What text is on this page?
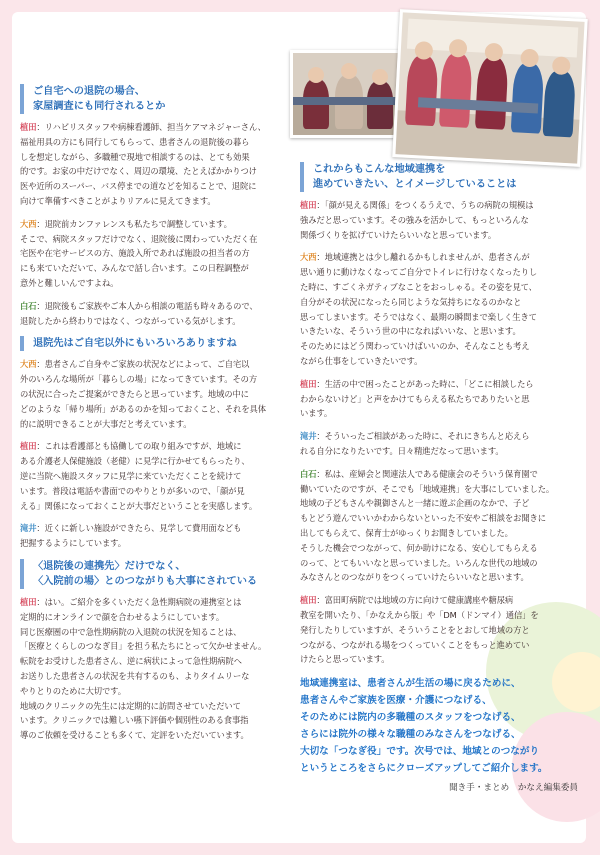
ご自宅への退院の場合、
家屋調査にも同行されるとか
植田：リハビリスタッフや病棟看護師、担当ケアマネジャーさん、
福祉用具の方にも同行してもらって、患者さんの退院後の暮ら
しを想定しながら、多職種で現地で相談するのは、とても効果
的です。お家の中だけでなく、周辺の環境、たとえばかかりつけ
医や近所のスーパー、バス停までの道などを知ることで、退院に
向けて準備すべきことがよりリアルに見えてきます。
大西：退院前カンファレンスも私たちで調整しています。
そこで、病院スタッフだけでなく、退院後に関わっていただく在
宅医や在宅サービスの方、施設入所であれば施設の担当者の方
にも来ていただいて、みんなで話し合います。この日程調整が
意外と難しいんですよね。
白石：退院後もご家族やご本人から相談の電話も時々あるので、
退院したから終わりではなく、つながっている気がします。
退院先はご自宅以外にもいろいろありますね
大西：患者さんご自身やご家族の状況などによって、ご自宅以
外のいろんな場所が「暮らしの場」になってきています。その方
の状況に合ったご提案ができたらと思っています。地域の中に
どのような「帰り場所」があるのかを知っておくこと、それを具体
的に説明できることが大事だと考えています。
植田：これは看護部とも協働しての取り組みですが、地域に
ある介護老人保健施設（老健）に見学に行かせてもらったり、
逆に当院へ施設スタッフに見学に来ていただくことを続けて
います。普段は電話や書面でのやりとりが多いので、「顔が見
える」関係になっておくことが大事だということを実感します。
滝井：近くに新しい施設ができたら、見学して費用面なども
把握するようにしています。
〈退院後の連携先〉だけでなく、
〈入院前の場〉とのつながりも大事にされている
植田：はい。ご紹介を多くいただく急性期病院の連携室とは
定期的にオンラインで顔を合わせるようにしています。
同じ医療圏の中で急性期病院の入退院の状況を知ることは、
「医療とくらしのつなぎ目」を担う私たちにとって欠かせません。
転院をお受けした患者さん、逆に病状によって急性期病院へ
お送りした患者さんの状況を共有するのも、よりタイムリーな
やりとりのために大切です。
地域のクリニックの先生には定期的に訪問させていただいて
います。クリニックでは難しい嚥下評価や個別性のある食事指
導のご依頼を受けることも多くて、定評をいただいています。
これからもこんな地域連携を
進めていきたい、とイメージしていることは
植田：「顔が見える関係」をつくるうえで、うちの病院の規模は
強みだと思っています。その強みを活かして、もっといろんな
関係づくりを拡げていけたらいいなと思っています。
大西：地域連携とは少し離れるかもしれませんが、患者さんが
思い通りに動けなくなってご自分でトイレに行けなくなったりし
た時に、すごくネガティブなことをおっしゃる。その姿を見て、
自分がその状況になったら同じような気持ちになるのかなと
思ってしまいます。そうではなく、最期の瞬間まで楽しく生きて
いきたいな、そういう世の中になればいいな、と思います。
そのためにはどう関わっていけばいいのか、そんなことも考え
ながら仕事をしていきたいです。
植田：生活の中で困ったことがあった時に、「どこに相談したら
わからないけど」と声をかけてもらえる私たちでありたいと思
います。
滝井：そういったご相談があった時に、それにきちんと応えら
れる自分になりたいです。日々精進だなって思います。
白石：私は、産婦会と関連法人である健康会のそういう保育園で
働いていたのですが、そこでも「地域連携」を大事にしていました。
地域の子どもさんや親御さんと一緒に遊ぶ企画のなかで、子ど
もとどう遊んでいいかわからないといった不安やご相談をお聞きに
出してもらえて、保育士がゆっくりお聞きしていました。
そうした機会でつながって、何か助けになる、安心してもらえる
のって、とてもいいなと思っていました。いろんな世代の地域の
みなさんとのつながりをつくっていけたらいいなと思います。
植田：富田町病院では地域の方に向けて健康講座や糖尿病
教室を開いたり、「かなえから版」や「DM（ドンマイ）通信」を
発行したりしていますが、そういうことをとおして地域の方と
つながる、つながれる場をつくっていくことをもっと進めてい
けたらと思っています。
地域連携室は、患者さんが生活の場に戻るために、
患者さんやご家族を医療・介護につなげる、
そのためには院内の多職種のスタッフをつなげる、
さらには院外の様々な職種のみなさんをつなげる、
大切な「つなぎ役」です。次号では、地域とのつながり
というところをさらにクローズアップしてご紹介します。
聞き手・まとめ　かなえ編集委員
